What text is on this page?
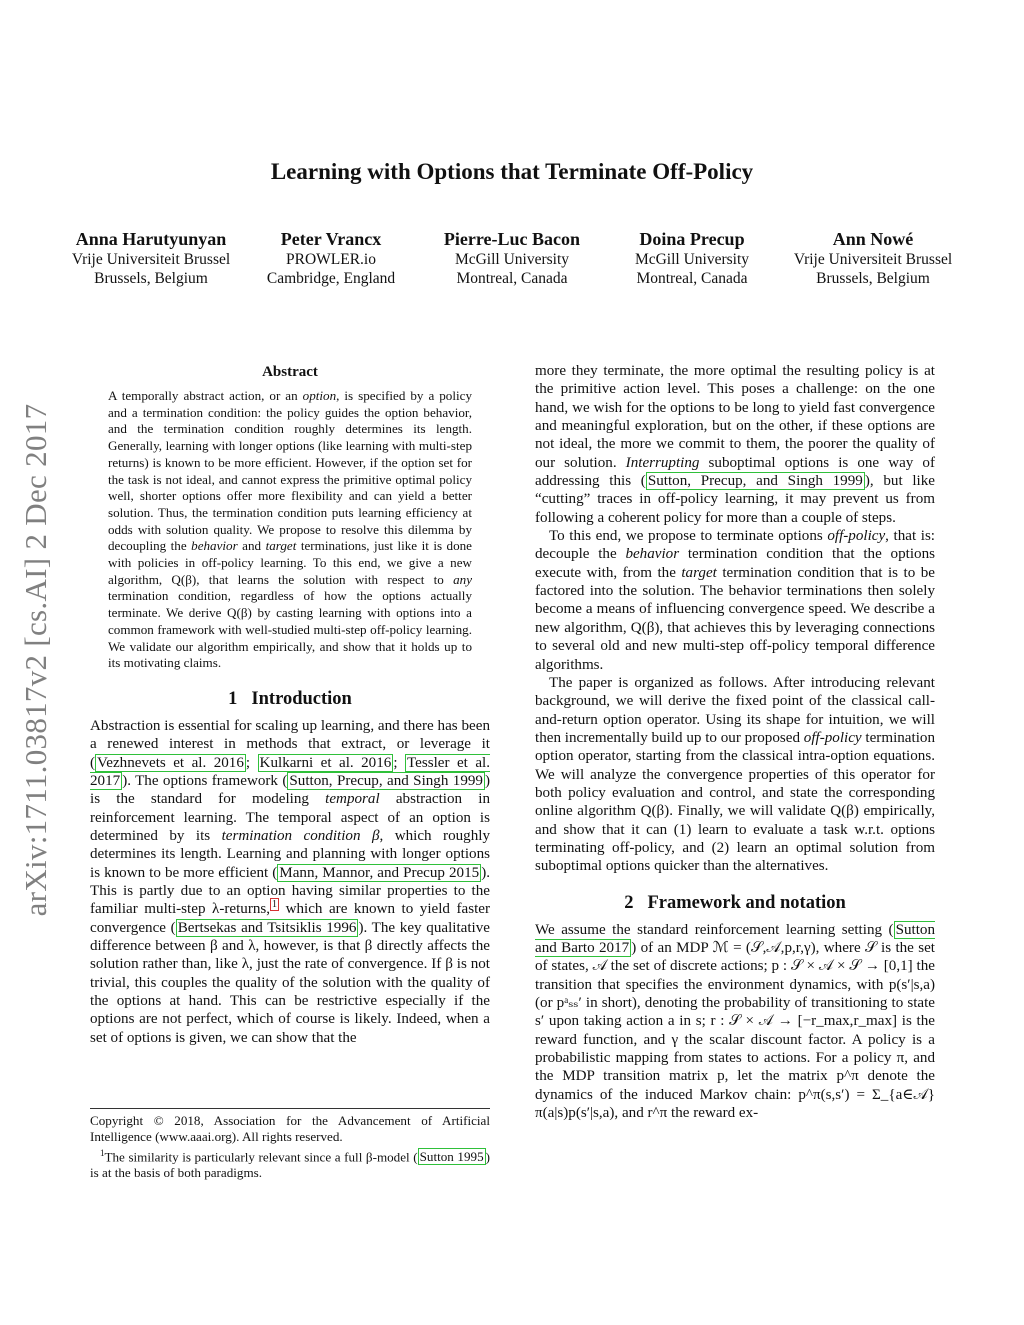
arXiv:1711.03817v2 [cs.AI] 2 Dec 2017
Learning with Options that Terminate Off-Policy
Anna Harutyunyan
Vrije Universiteit Brussel
Brussels, Belgium
Peter Vrancx
PROWLER.io
Cambridge, England
Pierre-Luc Bacon
McGill University
Montreal, Canada
Doina Precup
McGill University
Montreal, Canada
Ann Nowé
Vrije Universiteit Brussel
Brussels, Belgium
Abstract

A temporally abstract action, or an option, is specified by a policy and a termination condition: the policy guides the option behavior, and the termination condition roughly determines its length. Generally, learning with longer options (like learning with multi-step returns) is known to be more efficient. However, if the option set for the task is not ideal, and cannot express the primitive optimal policy well, shorter options offer more flexibility and can yield a better solution. Thus, the termination condition puts learning efficiency at odds with solution quality. We propose to resolve this dilemma by decoupling the behavior and target terminations, just like it is done with policies in off-policy learning. To this end, we give a new algorithm, Q(β), that learns the solution with respect to any termination condition, regardless of how the options actually terminate. We derive Q(β) by casting learning with options into a common framework with well-studied multi-step off-policy learning. We validate our algorithm empirically, and show that it holds up to its motivating claims.

1 Introduction

Abstraction is essential for scaling up learning, and there has been a renewed interest in methods that extract, or leverage it ( Vezhnevets et al. 2016 ; Kulkarni et al. 2016 ; Tessler et al. 2017 ). The options framework ( Sutton, Precup, and Singh 1999 ) is the standard for modeling temporal abstraction in reinforcement learning. The temporal aspect of an option is determined by its termination condition β, which roughly determines its length. Learning and planning with longer options is known to be more efficient ( Mann, Mannor, and Precup 2015 ). This is partly due to an option having similar properties to the familiar multi-step λ-returns, $^1$ which are known to yield faster convergence ( Bertsekas and Tsitsiklis 1996 ). The key qualitative difference between β and λ, however, is that β directly affects the solution rather than, like λ, just the rate of convergence. If β is not trivial, this couples the quality of the solution with the quality of the options at hand. This can be restrictive especially if the options are not perfect, which of course is likely. Indeed, when a set of options is given, we can show that the

Copyright © 2018, Association for the Advancement of Artificial Intelligence (www.aaai.org). All rights reserved.
$^1$The similarity is particularly relevant since a full β-model ( Sutton 1995 ) is at the basis of both paradigms.

more they terminate, the more optimal the resulting policy is at the primitive action level. This poses a challenge: on the one hand, we wish for the options to be long to yield fast convergence and meaningful exploration, but on the other, if these options are not ideal, the more we commit to them, the poorer the quality of our solution. Interrupting suboptimal options is one way of addressing this ( Sutton, Precup, and Singh 1999 ), but like “cutting” traces in off-policy learning, it may prevent us from following a coherent policy for more than a couple of steps.

To this end, we propose to terminate options off-policy, that is: decouple the behavior termination condition that the options execute with, from the target termination condition that is to be factored into the solution. The behavior terminations then solely become a means of influencing convergence speed. We describe a new algorithm, Q(β), that achieves this by leveraging connections to several old and new multi-step off-policy temporal difference algorithms.

The paper is organized as follows. After introducing relevant background, we will derive the fixed point of the classical call-and-return option operator. Using its shape for intuition, we will then incrementally build up to our proposed off-policy termination option operator, starting from the classical intra-option equations. We will analyze the convergence properties of this operator for both policy evaluation and control, and state the corresponding online algorithm Q(β). Finally, we will validate Q(β) empirically, and show that it can (1) learn to evaluate a task w.r.t. options terminating off-policy, and (2) learn an optimal solution from suboptimal options quicker than the alternatives.

2 Framework and notation

We assume the standard reinforcement learning setting ( Sutton and Barto 2017 ) of an MDP ℳ = (𝒮,𝒜,p,r,γ), where 𝒮 is the set of states, 𝒜 the set of discrete actions; p : 𝒮 × 𝒜 × 𝒮 → [0,1] the transition that specifies the environment dynamics, with p(s′|s,a) (or pᵃₛₛ′ in short), denoting the probability of transitioning to state s′ upon taking action a in s; r : 𝒮 × 𝒜 → [−r_max,r_max] is the reward function, and γ the scalar discount factor. A policy is a probabilistic mapping from states to actions. For a policy π, and the MDP transition matrix p, let the matrix p^π denote the dynamics of the induced Markov chain: p^π(s,s′) = Σ_{a∈𝒜} π(a|s)p(s′|s,a), and r^π the reward ex-
